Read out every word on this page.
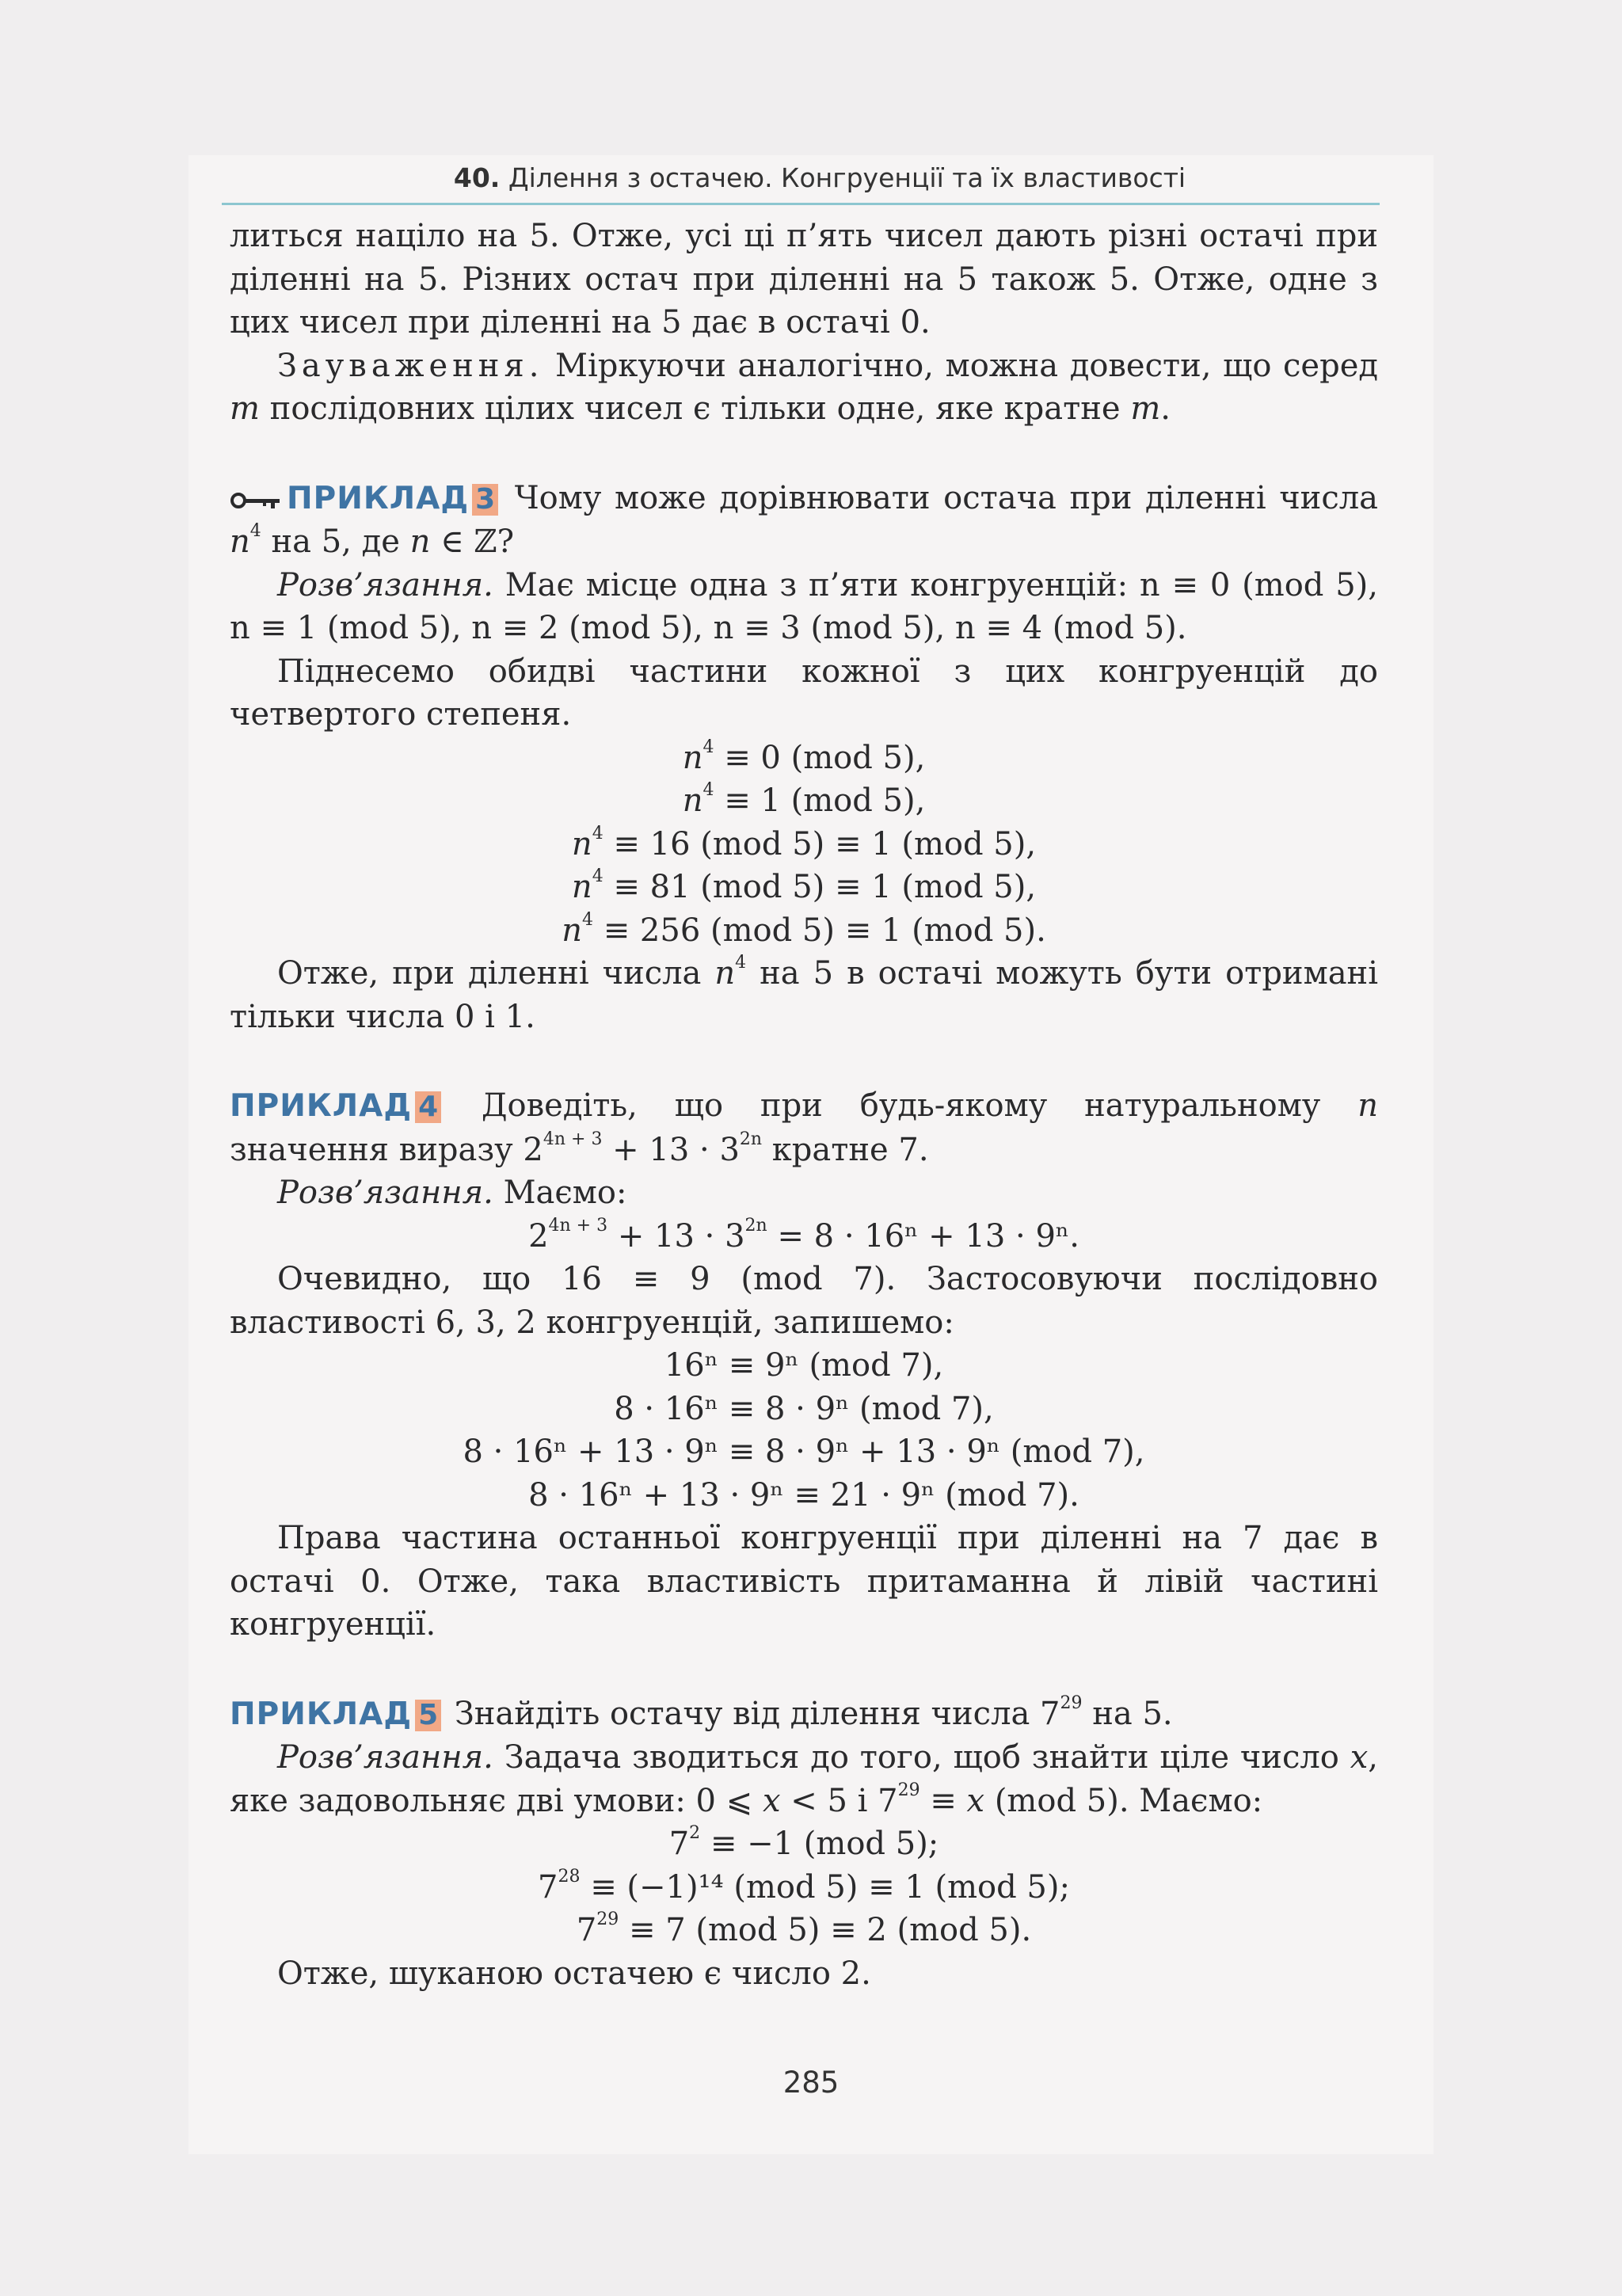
40. Ділення з остачею. Конгруенції та їх властивості

литься націло на 5. Отже, усі ці п’ять чисел дають різні остачі при діленні на 5. Різних остач при діленні на 5 також 5. Отже, одне з цих чисел при діленні на 5 дає в остачі 0.

Зауваження. Міркуючи аналогічно, можна довести, що серед m послідовних цілих чисел є тільки одне, яке кратне m.

ПРИКЛАД 3 Чому може дорівнювати остача при діленні числа $n^4$ на 5, де n ∈ ℤ?

Розв’язання. Має місце одна з п’яти конгруенцій: n ≡ 0 (mod 5), n ≡ 1 (mod 5), n ≡ 2 (mod 5), n ≡ 3 (mod 5), n ≡ 4 (mod 5).

Піднесемо обидві частини кожної з цих конгруенцій до четвертого степеня.

$n^4 \equiv 0$ (mod 5),
$n^4 \equiv 1$ (mod 5),
$n^4 \equiv 16$ (mod 5) ≡ 1 (mod 5),
$n^4 \equiv 81$ (mod 5) ≡ 1 (mod 5),
$n^4 \equiv 256$ (mod 5) ≡ 1 (mod 5).

Отже, при діленні числа $n^4$ на 5 в остачі можуть бути отримані тільки числа 0 і 1.

ПРИКЛАД 4 Доведіть, що при будь-якому натуральному n значення виразу $2^{4n + 3} + 13 \cdot 3^{2n}$ кратне 7.

Розв’язання. Маємо:

$2^{4n + 3} + 13 \cdot 3^{2n} = 8 \cdot 16^n + 13 \cdot 9^n$.

Очевидно, що 16 ≡ 9 (mod 7). Застосовуючи послідовно властивості 6, 3, 2 конгруенцій, запишемо:

16ⁿ ≡ 9ⁿ (mod 7),
8 · 16ⁿ ≡ 8 · 9ⁿ (mod 7),
8 · 16ⁿ + 13 · 9ⁿ ≡ 8 · 9ⁿ + 13 · 9ⁿ (mod 7),
8 · 16ⁿ + 13 · 9ⁿ ≡ 21 · 9ⁿ (mod 7).

Права частина останньої конгруенції при діленні на 7 дає в остачі 0. Отже, така властивість притаманна й лівій частині конгруенції.

ПРИКЛАД 5 Знайдіть остачу від ділення числа $7^{29}$ на 5.

Розв’язання. Задача зводиться до того, щоб знайти ціле число x, яке задовольняє дві умови: 0 ⩽ x < 5 і $7^{29} \equiv x$ (mod 5). Маємо:

$7^2 \equiv -1$ (mod 5);
$7^{28} \equiv (-1)^{14}$ (mod 5) ≡ 1 (mod 5);
$7^{29} \equiv 7$ (mod 5) ≡ 2 (mod 5).

Отже, шуканою остачею є число 2.

285
